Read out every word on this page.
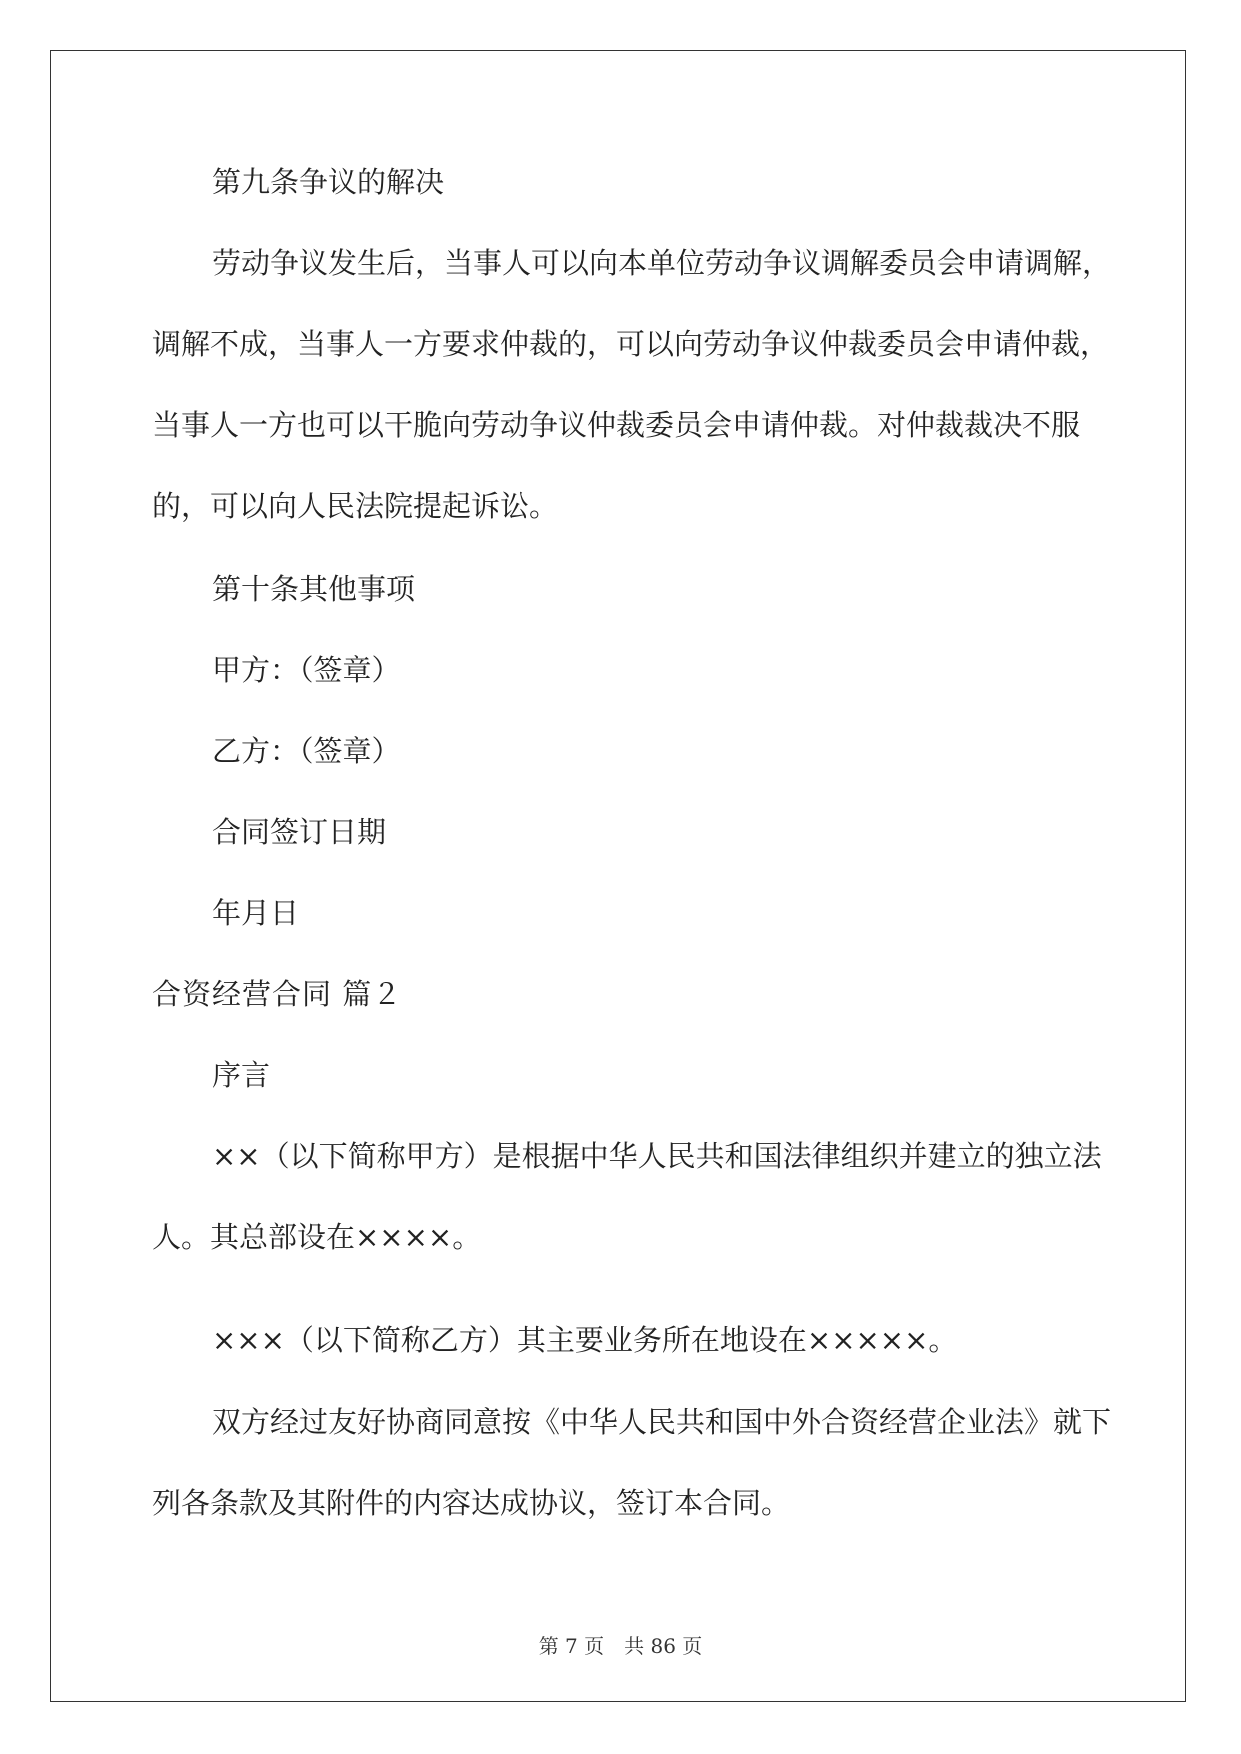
第九条争议的解决

劳动争议发生后，当事人可以向本单位劳动争议调解委员会申请调解，调解不成，当事人一方要求仲裁的，可以向劳动争议仲裁委员会申请仲裁，当事人一方也可以干脆向劳动争议仲裁委员会申请仲裁。对仲裁裁决不服的，可以向人民法院提起诉讼。

第十条其他事项

甲方：（签章）

乙方：（签章）

合同签订日期

年月日

合资经营合同 篇２

序言

××（以下简称甲方）是根据中华人民共和国法律组织并建立的独立法人。其总部设在××××。

×××（以下简称乙方）其主要业务所在地设在×××××。

双方经过友好协商同意按《中华人民共和国中外合资经营企业法》就下列各条款及其附件的内容达成协议，签订本合同。

第 7 页　共 86 页
